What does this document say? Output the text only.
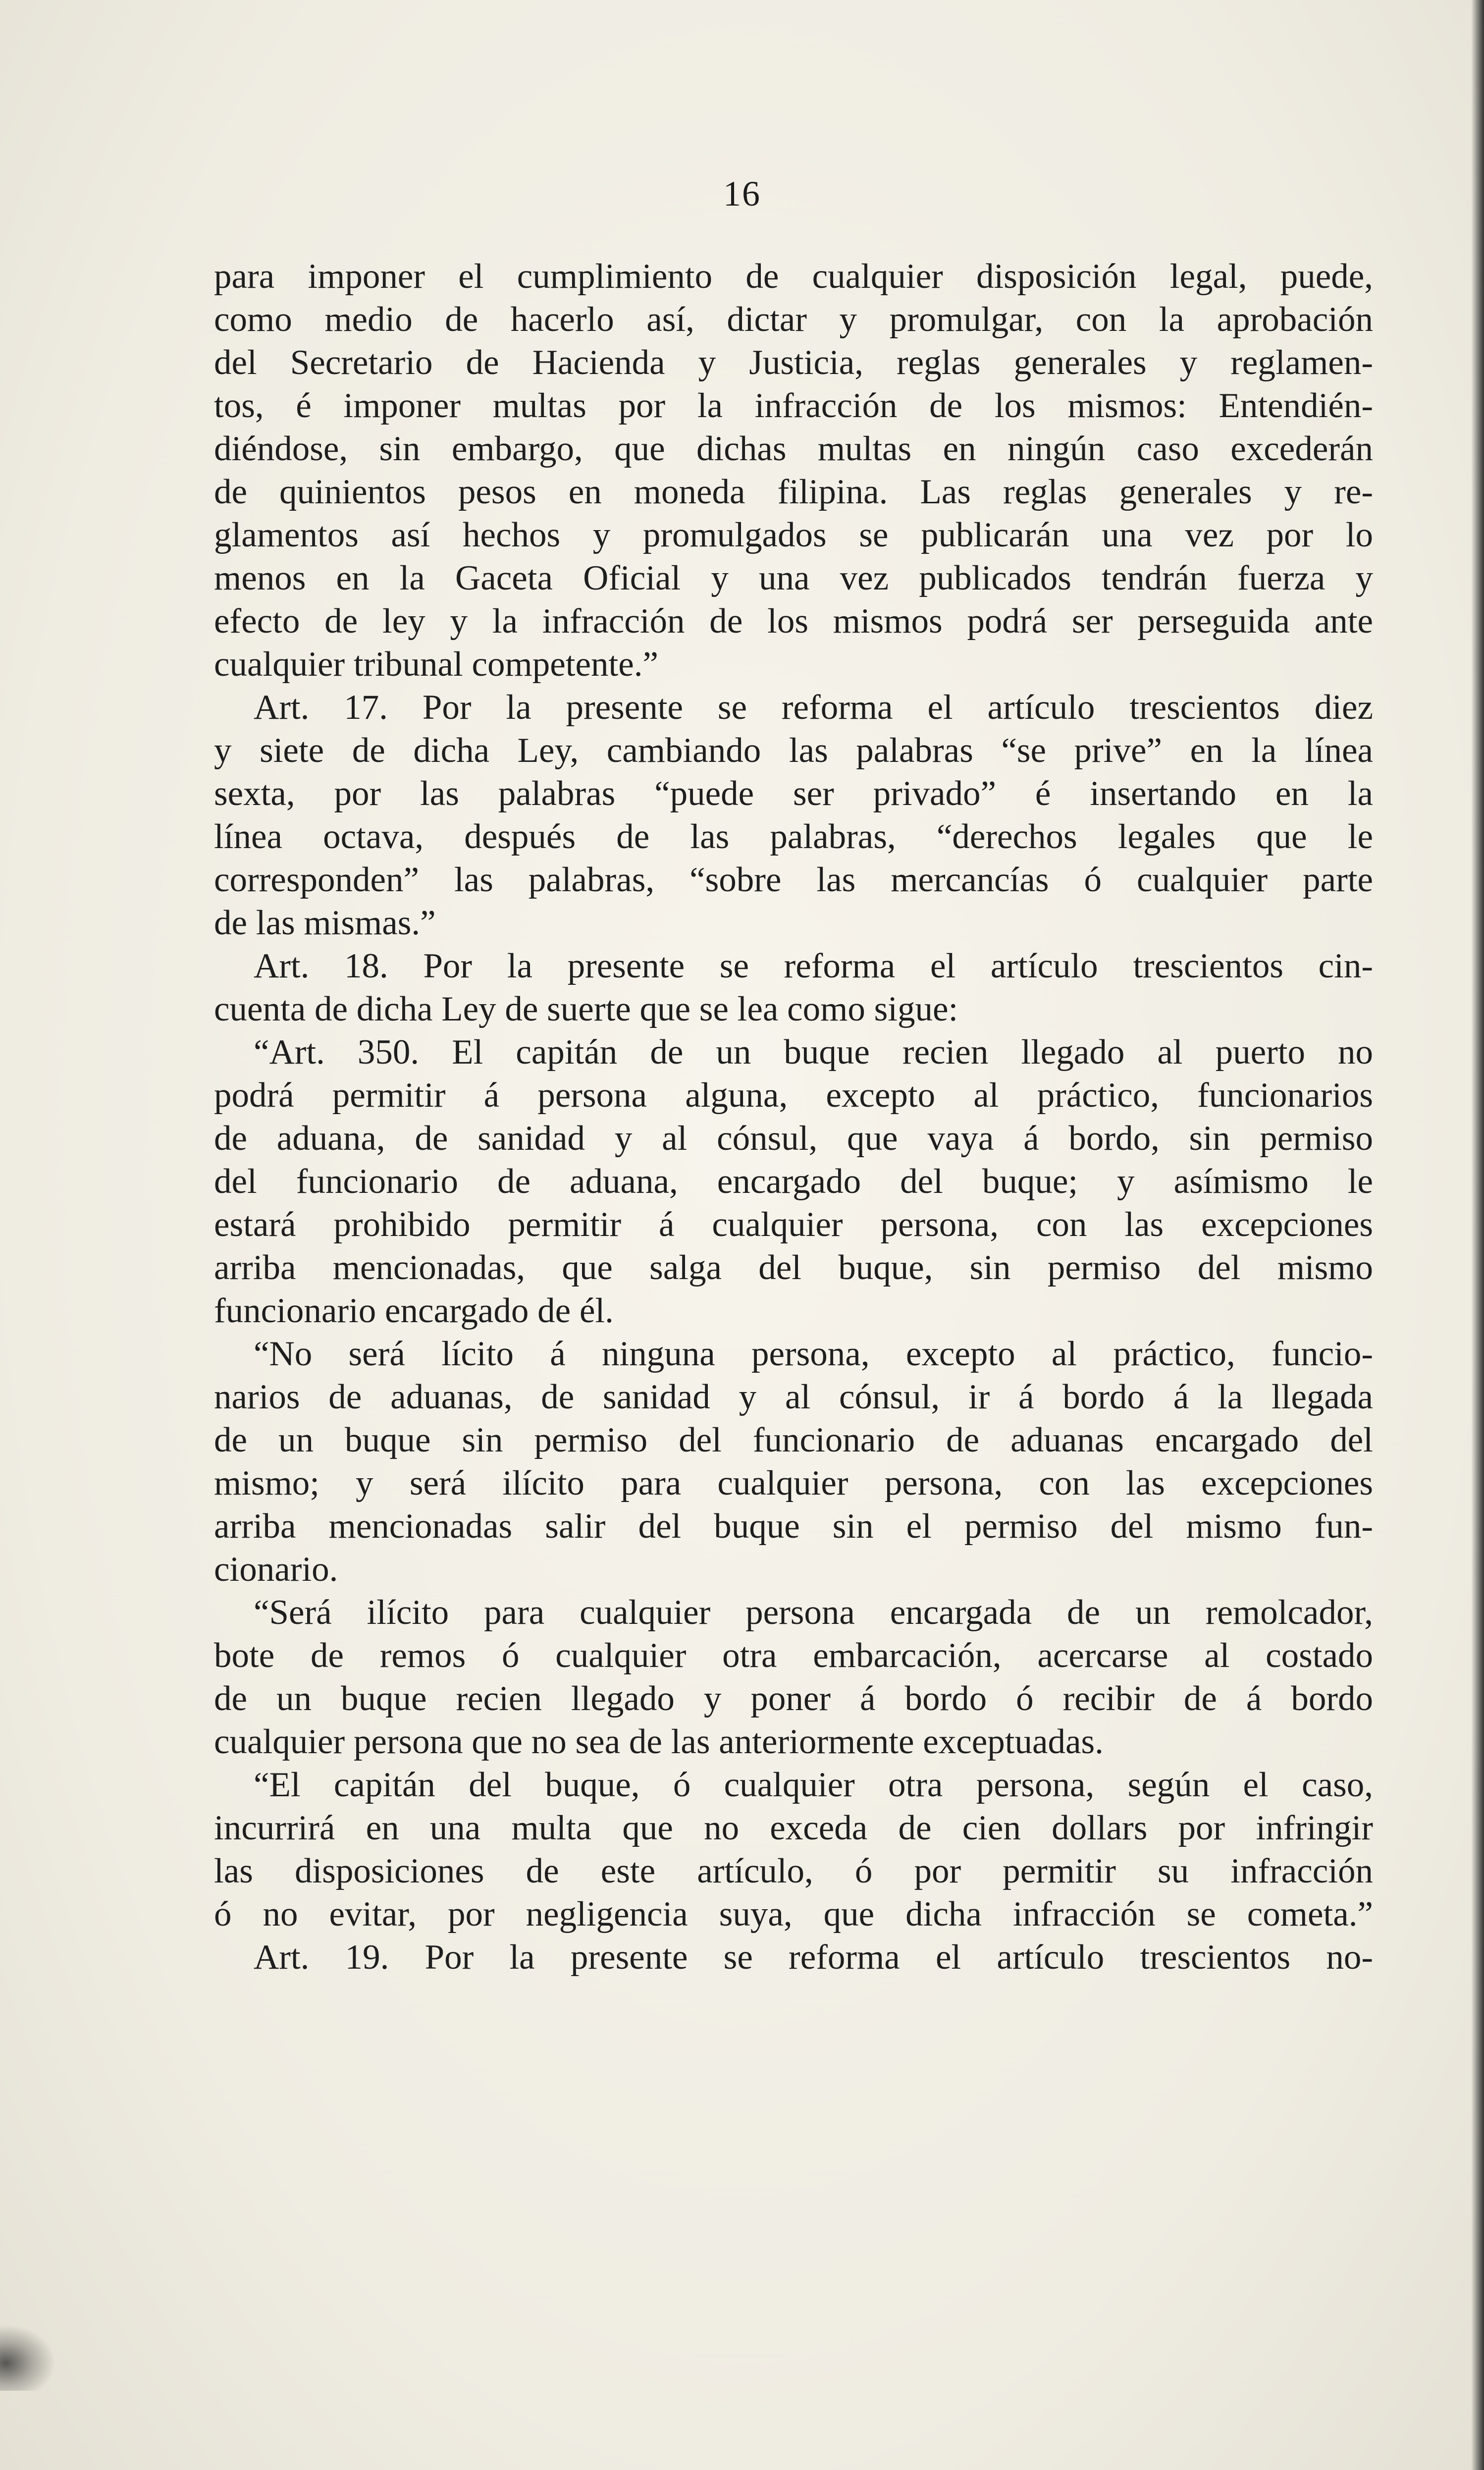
16

para imponer el cumplimiento de cualquier disposición legal, puede,

como medio de hacerlo así, dictar y promulgar, con la aprobación

del Secretario de Hacienda y Justicia, reglas generales y reglamen-

tos, é imponer multas por la infracción de los mismos: Entendién-

diéndose, sin embargo, que dichas multas en ningún caso excederán

de quinientos pesos en moneda filipina. Las reglas generales y re-

glamentos así hechos y promulgados se publicarán una vez por lo

menos en la Gaceta Oficial y una vez publicados tendrán fuerza y

efecto de ley y la infracción de los mismos podrá ser perseguida ante

cualquier tribunal competente.”

Art. 17. Por la presente se reforma el artículo trescientos diez

y siete de dicha Ley, cambiando las palabras “se prive” en la línea

sexta, por las palabras “puede ser privado” é insertando en la

línea octava, después de las palabras, “derechos legales que le

corresponden” las palabras, “sobre las mercancías ó cualquier parte

de las mismas.”

Art. 18. Por la presente se reforma el artículo trescientos cin-

cuenta de dicha Ley de suerte que se lea como sigue:

“Art. 350. El capitán de un buque recien llegado al puerto no

podrá permitir á persona alguna, excepto al práctico, funcionarios

de aduana, de sanidad y al cónsul, que vaya á bordo, sin permiso

del funcionario de aduana, encargado del buque; y asímismo le

estará prohibido permitir á cualquier persona, con las excepciones

arriba mencionadas, que salga del buque, sin permiso del mismo

funcionario encargado de él.

“No será lícito á ninguna persona, excepto al práctico, funcio-

narios de aduanas, de sanidad y al cónsul, ir á bordo á la llegada

de un buque sin permiso del funcionario de aduanas encargado del

mismo; y será ilícito para cualquier persona, con las excepciones

arriba mencionadas salir del buque sin el permiso del mismo fun-

cionario.

“Será ilícito para cualquier persona encargada de un remolcador,

bote de remos ó cualquier otra embarcación, acercarse al costado

de un buque recien llegado y poner á bordo ó recibir de á bordo

cualquier persona que no sea de las anteriormente exceptuadas.

“El capitán del buque, ó cualquier otra persona, según el caso,

incurrirá en una multa que no exceda de cien dollars por infringir

las disposiciones de este artículo, ó por permitir su infracción

ó no evitar, por negligencia suya, que dicha infracción se cometa.”

Art. 19. Por la presente se reforma el artículo trescientos no-
